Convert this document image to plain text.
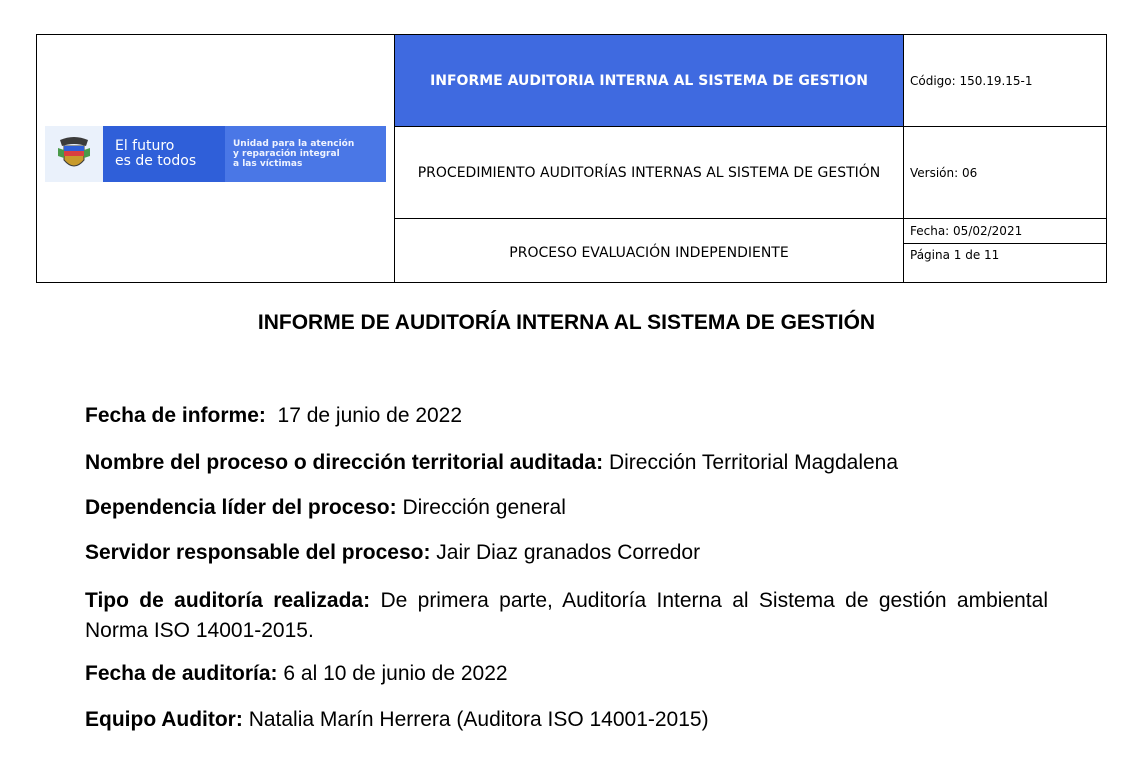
El futuro
es de todos
Unidad para la atención
y reparación integral
a las víctimas	INFORME AUDITORIA INTERNA AL SISTEMA DE GESTION	Código: 150.19.15-1
	PROCEDIMIENTO AUDITORÍAS INTERNAS AL SISTEMA DE GESTIÓN	Versión: 06

	PROCESO EVALUACIÓN INDEPENDIENTE	Fecha: 05/02/2021
Página 1 de 11
INFORME DE AUDITORÍA INTERNA AL SISTEMA DE GESTIÓN
Fecha de informe: 17 de junio de 2022
Nombre del proceso o dirección territorial auditada: Dirección Territorial Magdalena
Dependencia líder del proceso: Dirección general
Servidor responsable del proceso: Jair Diaz granados Corredor
Tipo de auditoría realizada: De primera parte, Auditoría Interna al Sistema de gestión ambiental Norma ISO 14001-2015.
Fecha de auditoría: 6 al 10 de junio de 2022
Equipo Auditor: Natalia Marín Herrera (Auditora ISO 14001-2015)
